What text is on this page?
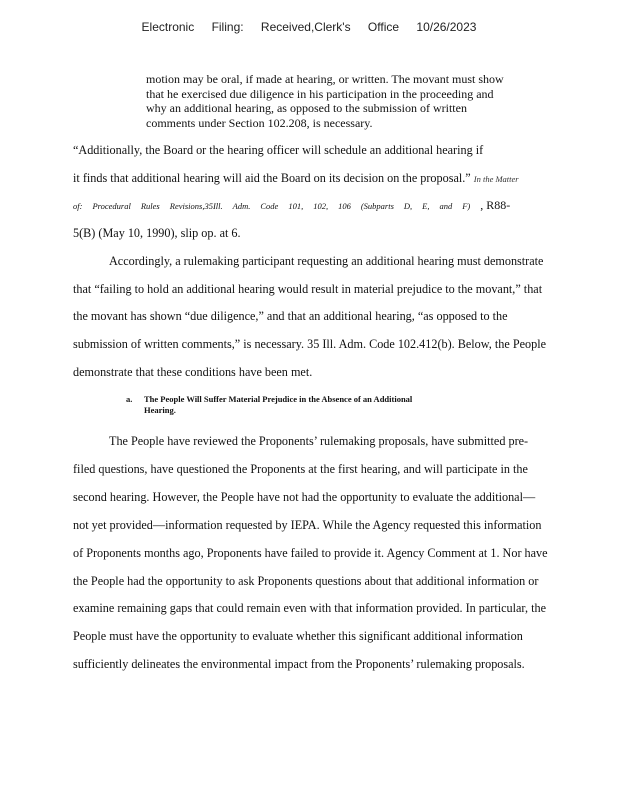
Electronic Filing: Received,Clerk's Office 10/26/2023
motion may be oral, if made at hearing, or written. The movant must show
that he exercised due diligence in his participation in the proceeding and
why an additional hearing, as opposed to the submission of written
comments under Section 102.208, is necessary.
“Additionally, the Board or the hearing officer will schedule an additional hearing if
it finds that additional hearing will aid the Board on its decision on the proposal.” In the Matter
of: Procedural Rules Revisions,35Ill. Adm. Code 101, 102, 106 (Subparts D, E, and F) , R88-
5(B) (May 10, 1990), slip op. at 6.
Accordingly, a rulemaking participant requesting an additional hearing must demonstrate
that “failing to hold an additional hearing would result in material prejudice to the movant,” that
the movant has shown “due diligence,” and that an additional hearing, “as opposed to the
submission of written comments,” is necessary. 35 Ill. Adm. Code 102.412(b). Below, the People
demonstrate that these conditions have been met.
a. The People Will Suffer Material Prejudice in the Absence of an Additional
Hearing.
The People have reviewed the Proponents’ rulemaking proposals, have submitted pre-
filed questions, have questioned the Proponents at the first hearing, and will participate in the
second hearing. However, the People have not had the opportunity to evaluate the additional—
not yet provided—information requested by IEPA. While the Agency requested this information
of Proponents months ago, Proponents have failed to provide it. Agency Comment at 1. Nor have
the People had the opportunity to ask Proponents questions about that additional information or
examine remaining gaps that could remain even with that information provided. In particular, the
People must have the opportunity to evaluate whether this significant additional information
sufficiently delineates the environmental impact from the Proponents’ rulemaking proposals.
